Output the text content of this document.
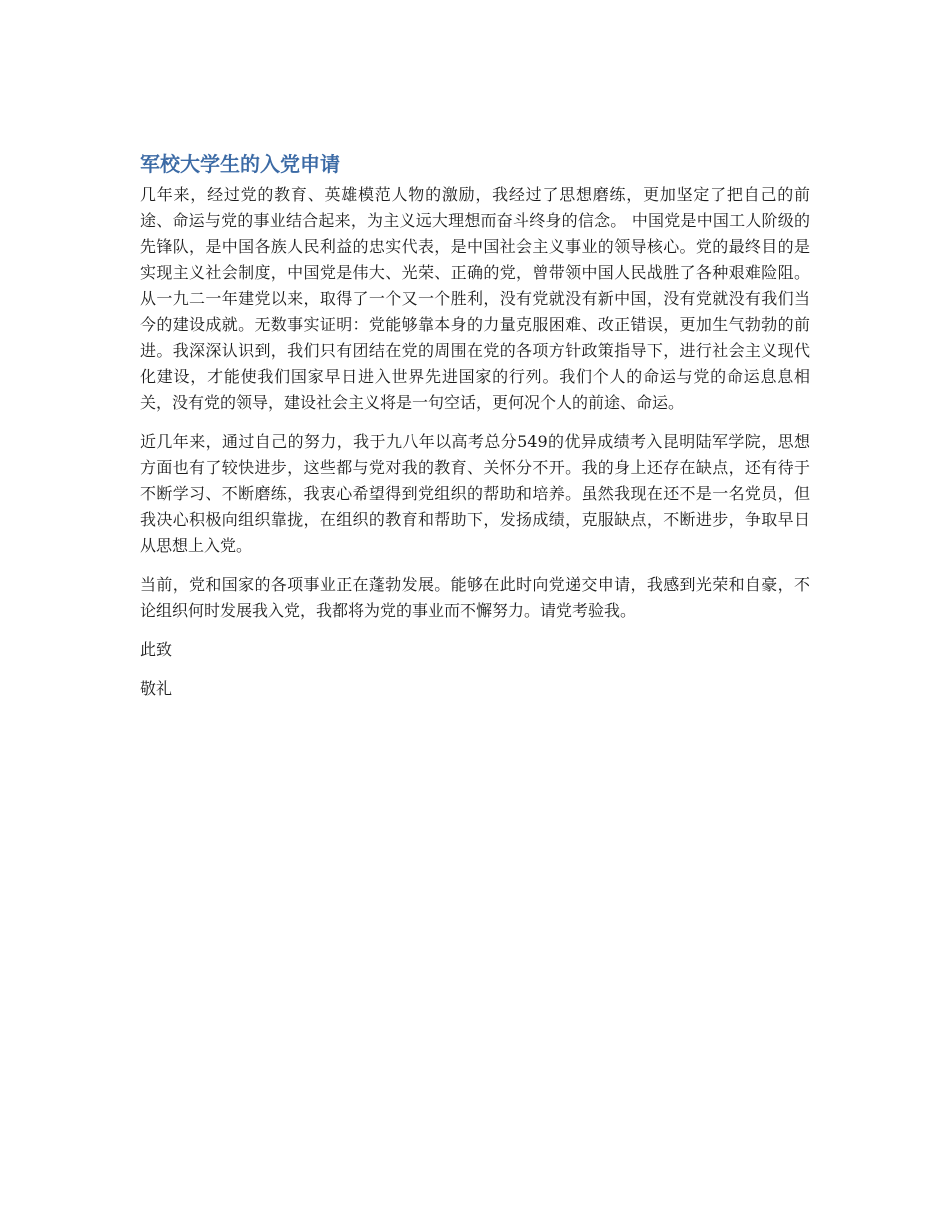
军校大学生的入党申请

几年来，经过党的教育、英雄模范人物的激励，我经过了思想磨练，更加坚定了把自己的前途、命运与党的事业结合起来，为主义远大理想而奋斗终身的信念。 中国党是中国工人阶级的先锋队，是中国各族人民利益的忠实代表，是中国社会主义事业的领导核心。党的最终目的是实现主义社会制度，中国党是伟大、光荣、正确的党，曾带领中国人民战胜了各种艰难险阻。从一九二一年建党以来，取得了一个又一个胜利，没有党就没有新中国，没有党就没有我们当今的建设成就。无数事实证明：党能够靠本身的力量克服困难、改正错误，更加生气勃勃的前进。我深深认识到，我们只有团结在党的周围在党的各项方针政策指导下，进行社会主义现代化建设，才能使我们国家早日进入世界先进国家的行列。我们个人的命运与党的命运息息相关，没有党的领导，建设社会主义将是一句空话，更何况个人的前途、命运。

近几年来，通过自己的努力，我于九八年以高考总分549的优异成绩考入昆明陆军学院，思想方面也有了较快进步，这些都与党对我的教育、关怀分不开。我的身上还存在缺点，还有待于不断学习、不断磨练，我衷心希望得到党组织的帮助和培养。虽然我现在还不是一名党员，但我决心积极向组织靠拢，在组织的教育和帮助下，发扬成绩，克服缺点，不断进步，争取早日从思想上入党。

当前，党和国家的各项事业正在蓬勃发展。能够在此时向党递交申请，我感到光荣和自豪，不论组织何时发展我入党，我都将为党的事业而不懈努力。请党考验我。

此致

敬礼
